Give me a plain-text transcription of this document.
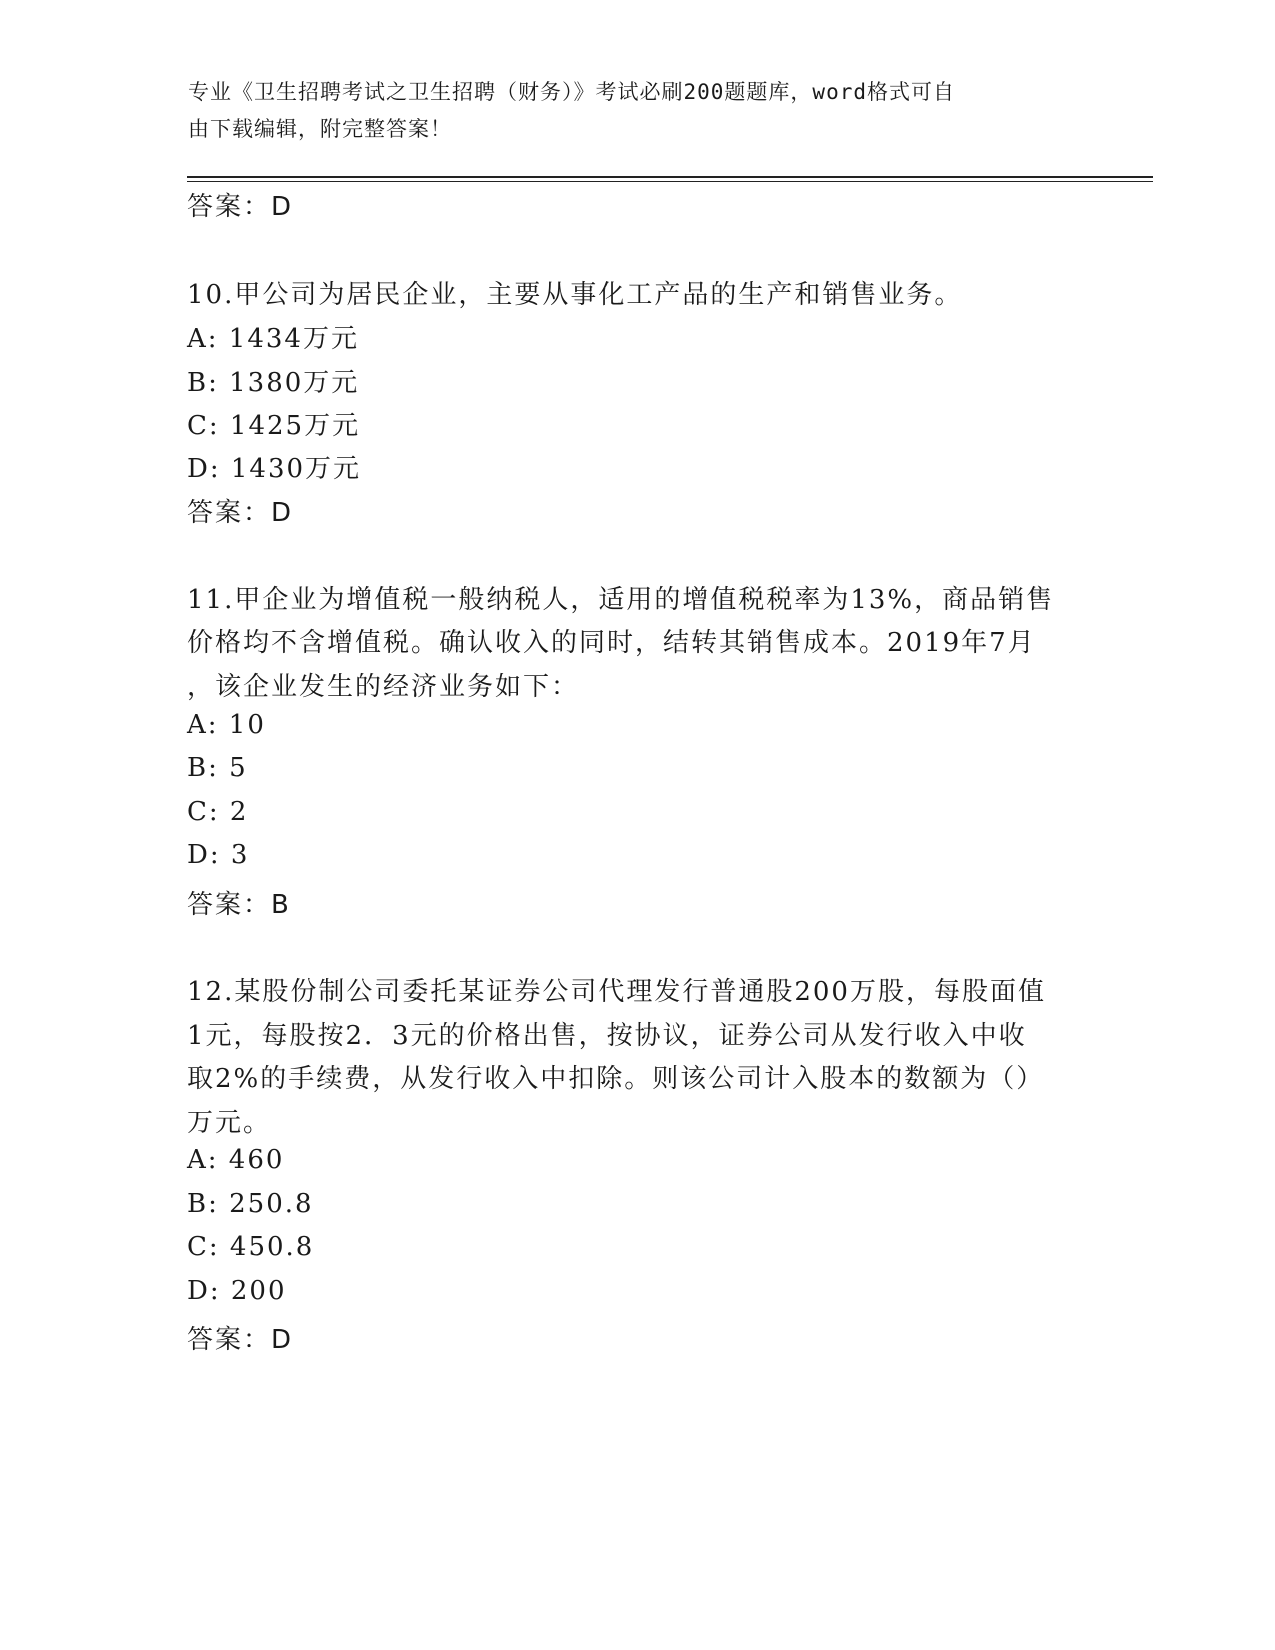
专业《卫生招聘考试之卫生招聘（财务）》考试必刷200题题库，word格式可自
由下载编辑，附完整答案！
答案：D
10.甲公司为居民企业，主要从事化工产品的生产和销售业务。
A: 1434万元
B: 1380万元
C: 1425万元
D: 1430万元
答案：D
11.甲企业为增值税一般纳税人，适用的增值税税率为13%，商品销售
价格均不含增值税。确认收入的同时，结转其销售成本。2019年7月
，该企业发生的经济业务如下：
A: 10
B: 5
C: 2
D: 3
答案：B
12.某股份制公司委托某证券公司代理发行普通股200万股，每股面值
1元，每股按2．3元的价格出售，按协议，证券公司从发行收入中收
取2%的手续费，从发行收入中扣除。则该公司计入股本的数额为（）
万元。
A: 460
B: 250.8
C: 450.8
D: 200
答案：D
